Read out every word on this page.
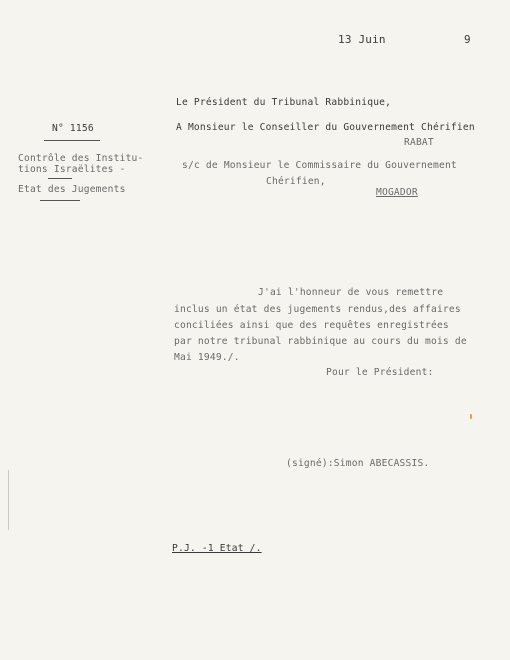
13 Juin	9
N° 1156
Contrôle des Institu-
tions Israëlites -
Etat des Jugements
Le Président du Tribunal Rabbinique,
A Monsieur le Conseiller du Gouvernement Chérifien
RABAT
s/c de Monsieur le Commissaire du Gouvernement
Chérifien,
MOGADOR
J'ai l'honneur de vous remettre
inclus un état des jugements rendus,des affaires
conciliées ainsi que des requêtes enregistrées
par notre tribunal rabbinique au cours du mois de
Mai 1949./.
Pour le Président:
(signé):Simon ABECASSIS.
P.J. -1 Etat /.
